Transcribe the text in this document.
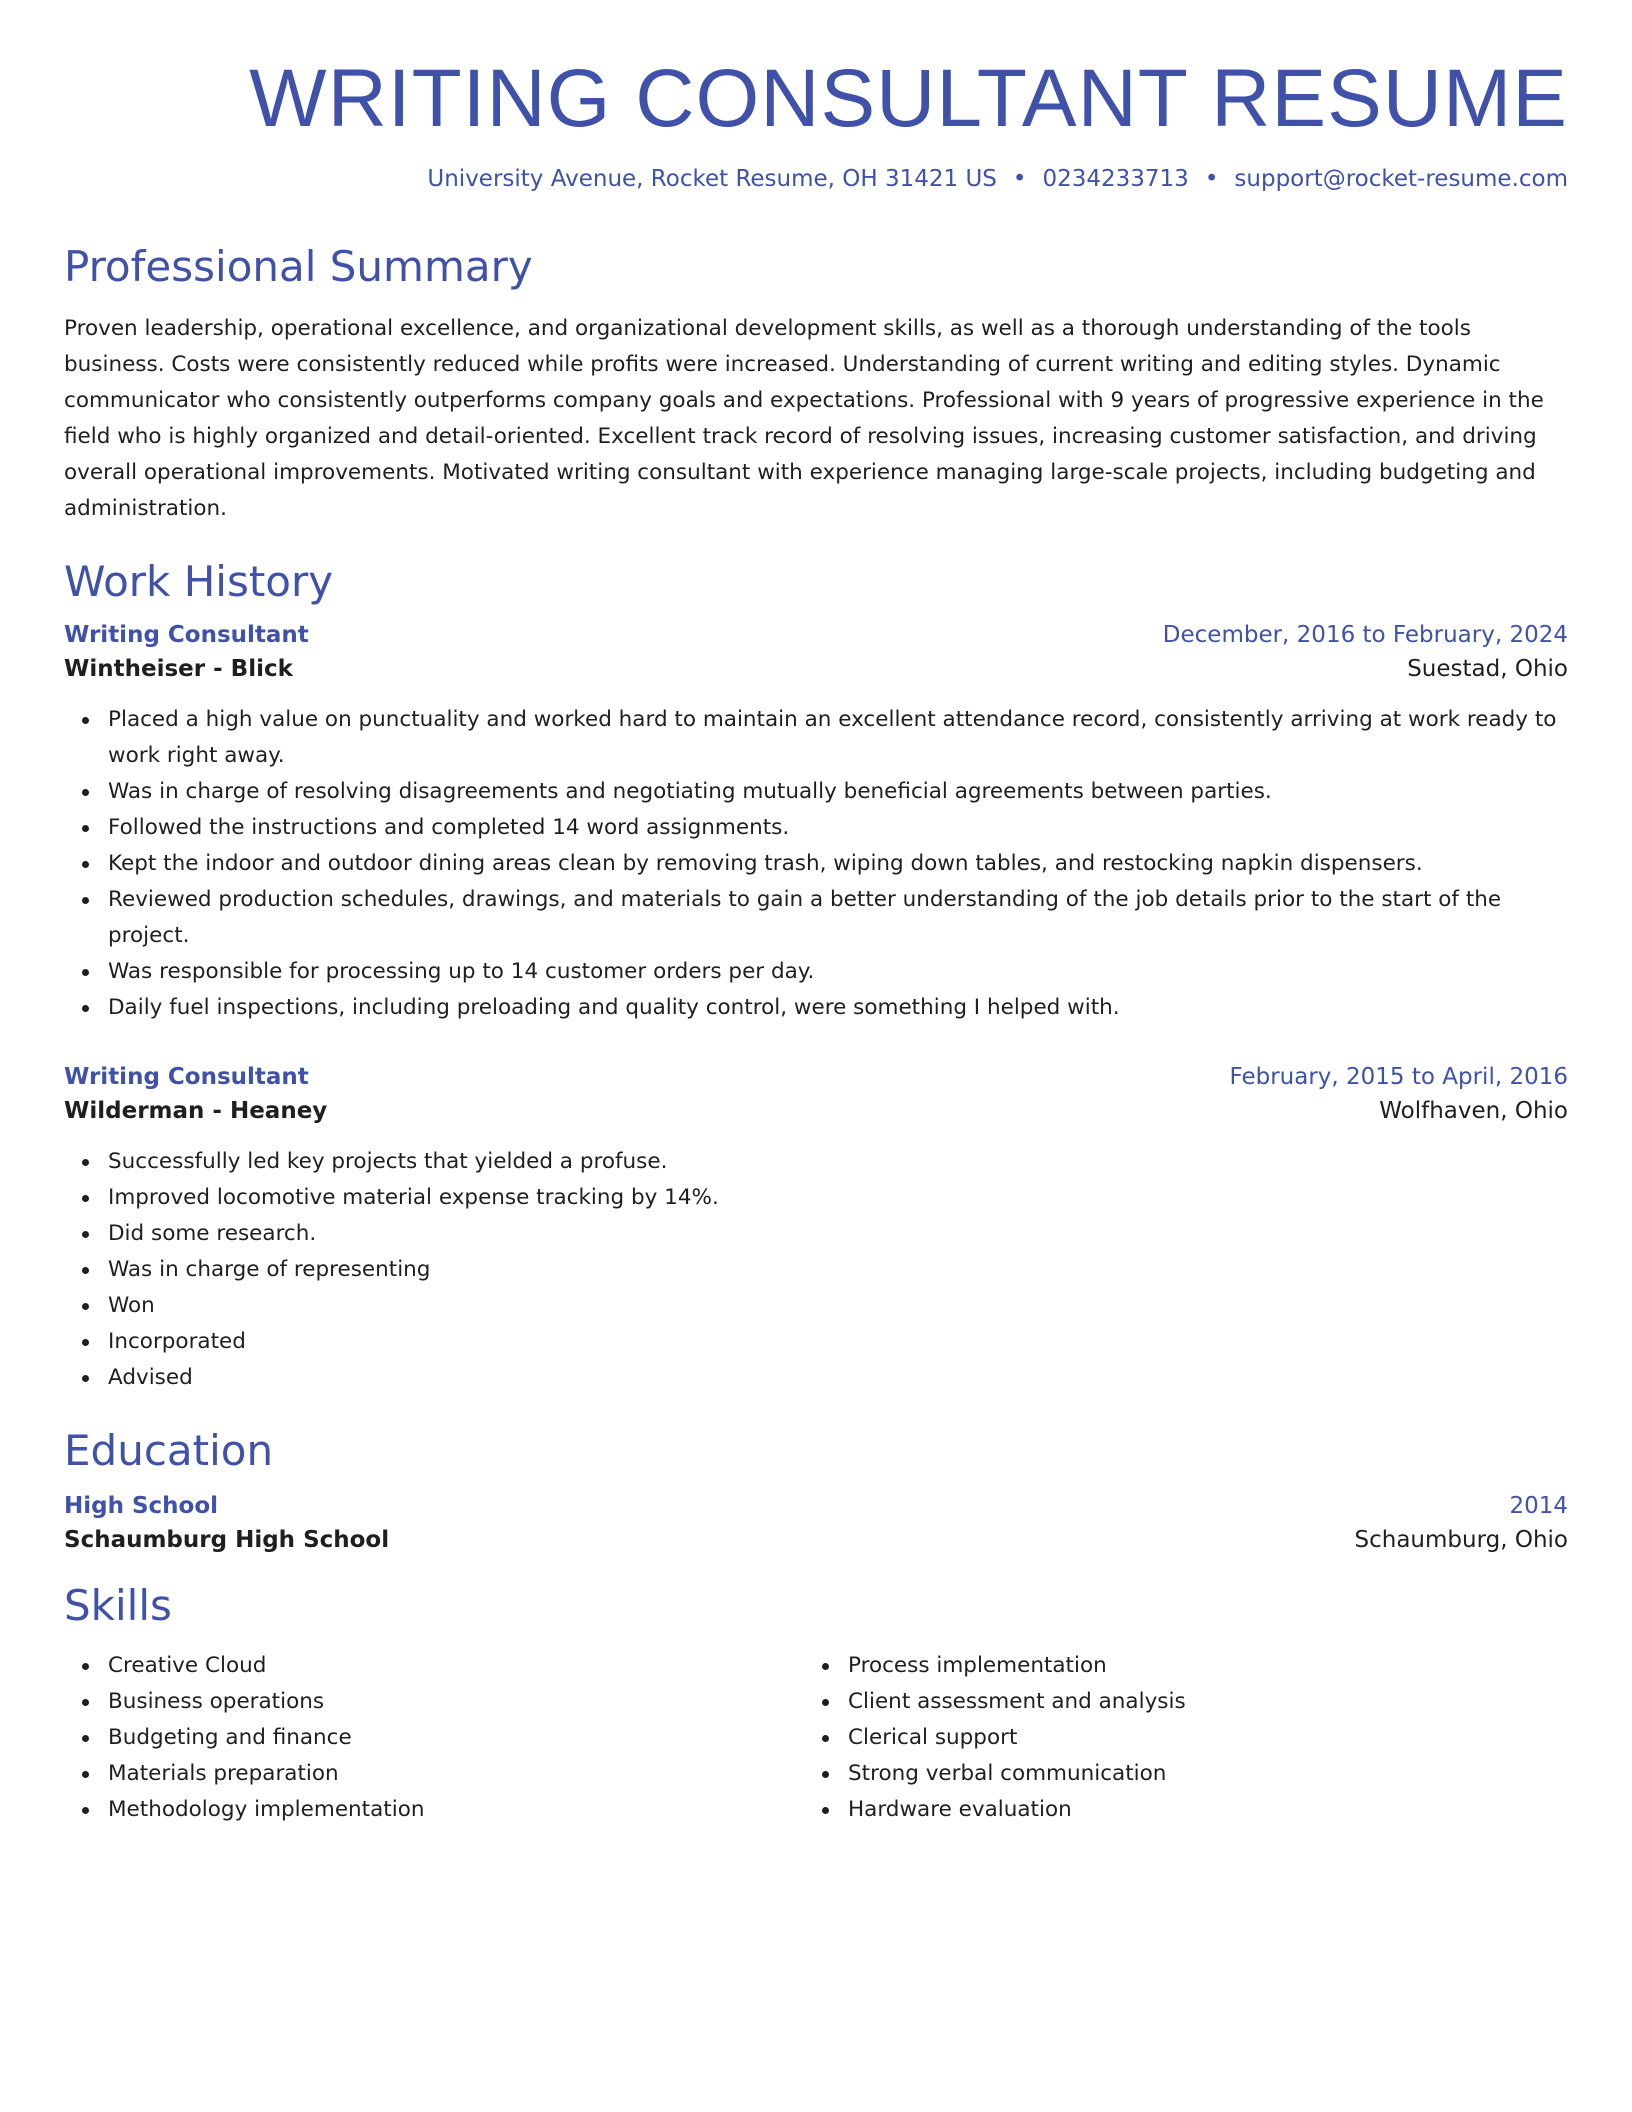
WRITING CONSULTANT RESUME
University Avenue, Rocket Resume, OH 31421 US • 0234233713 • support@rocket-resume.com
Professional Summary
Proven leadership, operational excellence, and organizational development skills, as well as a thorough understanding of the tools business. Costs were consistently reduced while profits were increased. Understanding of current writing and editing styles. Dynamic communicator who consistently outperforms company goals and expectations. Professional with 9 years of progressive experience in the field who is highly organized and detail-oriented. Excellent track record of resolving issues, increasing customer satisfaction, and driving overall operational improvements. Motivated writing consultant with experience managing large-scale projects, including budgeting and administration.
Work History
Writing Consultant	December, 2016 to February, 2024
Wintheiser - Blick	Suestad, Ohio
Placed a high value on punctuality and worked hard to maintain an excellent attendance record, consistently arriving at work ready to work right away.
Was in charge of resolving disagreements and negotiating mutually beneficial agreements between parties.
Followed the instructions and completed 14 word assignments.
Kept the indoor and outdoor dining areas clean by removing trash, wiping down tables, and restocking napkin dispensers.
Reviewed production schedules, drawings, and materials to gain a better understanding of the job details prior to the start of the project.
Was responsible for processing up to 14 customer orders per day.
Daily fuel inspections, including preloading and quality control, were something I helped with.
Writing Consultant	February, 2015 to April, 2016
Wilderman - Heaney	Wolfhaven, Ohio
Successfully led key projects that yielded a profuse.
Improved locomotive material expense tracking by 14%.
Did some research.
Was in charge of representing
Won
Incorporated
Advised
Education
High School	2014
Schaumburg High School	Schaumburg, Ohio
Skills
Creative Cloud
Business operations
Budgeting and finance
Materials preparation
Methodology implementation
Process implementation
Client assessment and analysis
Clerical support
Strong verbal communication
Hardware evaluation
